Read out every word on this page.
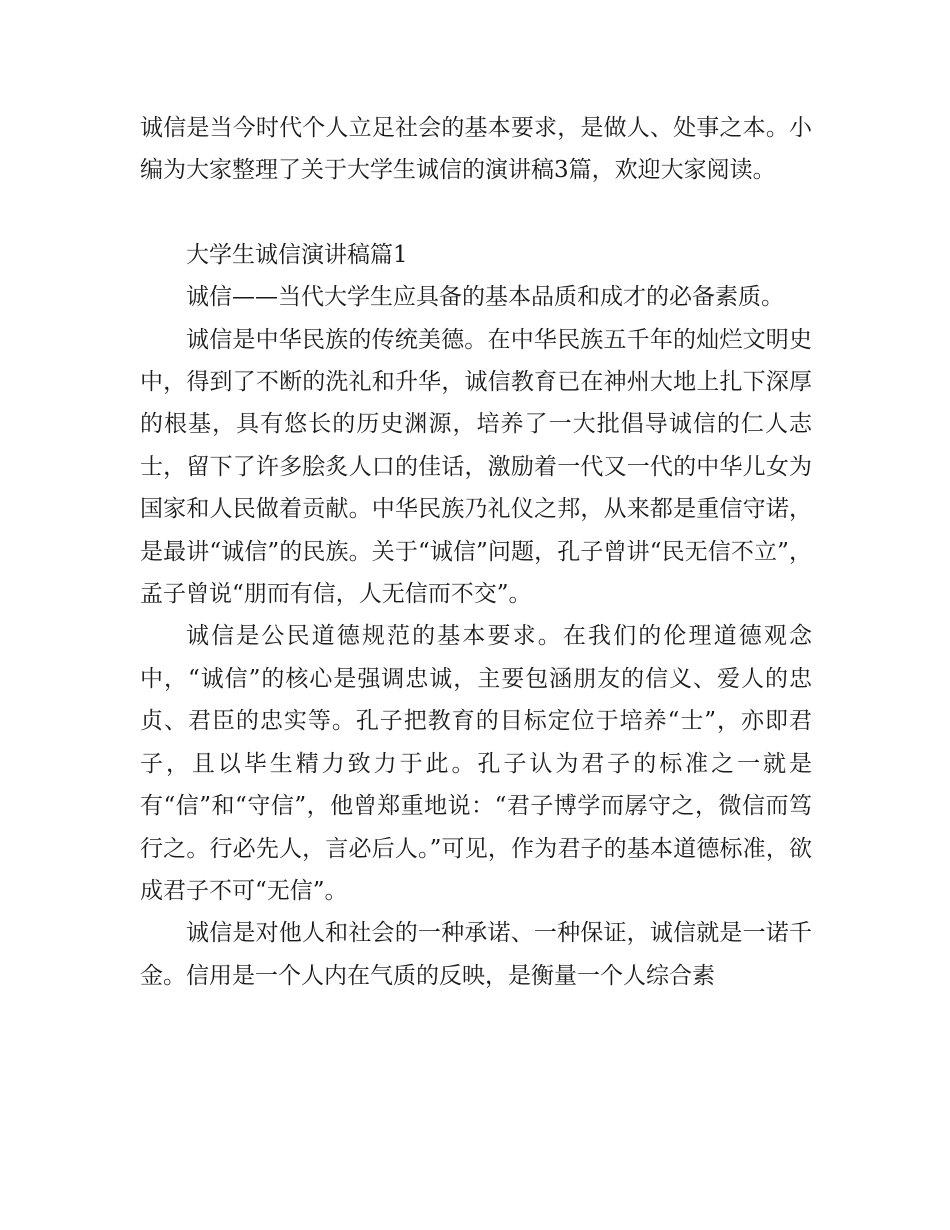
诚信是当今时代个人立足社会的基本要求，是做人、处事之本。小编为大家整理了关于大学生诚信的演讲稿3篇，欢迎大家阅读。

大学生诚信演讲稿篇1

诚信——当代大学生应具备的基本品质和成才的必备素质。

诚信是中华民族的传统美德。在中华民族五千年的灿烂文明史中，得到了不断的洗礼和升华，诚信教育已在神州大地上扎下深厚的根基，具有悠长的历史渊源，培养了一大批倡导诚信的仁人志士，留下了许多脍炙人口的佳话，激励着一代又一代的中华儿女为国家和人民做着贡献。中华民族乃礼仪之邦，从来都是重信守诺，是最讲“诚信”的民族。关于“诚信”问题，孔子曾讲“民无信不立”，孟子曾说“朋而有信，人无信而不交”。

诚信是公民道德规范的基本要求。在我们的伦理道德观念中，“诚信”的核心是强调忠诚，主要包涵朋友的信义、爱人的忠贞、君臣的忠实等。孔子把教育的目标定位于培养“士”，亦即君子，且以毕生精力致力于此。孔子认为君子的标准之一就是有“信”和“守信”，他曾郑重地说：“君子博学而孱守之，微信而笃行之。行必先人，言必后人。”可见，作为君子的基本道德标准，欲成君子不可“无信”。

诚信是对他人和社会的一种承诺、一种保证，诚信就是一诺千金。信用是一个人内在气质的反映，是衡量一个人综合素
